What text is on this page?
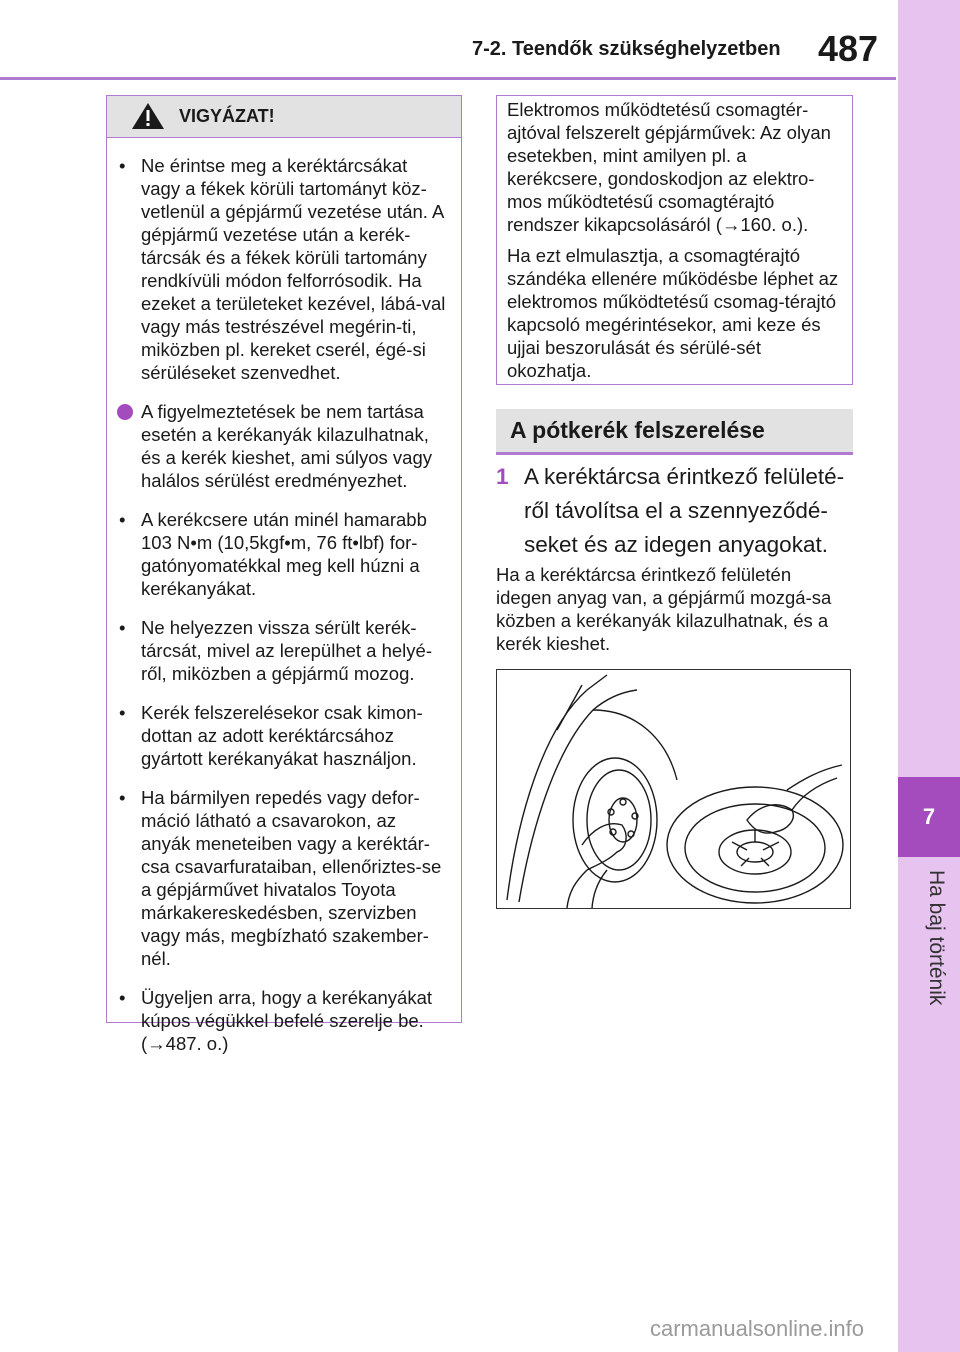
7-2. Teendők szükséghelyzetben 487
7
Ha baj történik
VIGYÁZAT!
• Ne érintse meg a keréktárcsákat vagy a fékek körüli tartományt köz-vetlenül a gépjármű vezetése után. A gépjármű vezetése után a kerék-tárcsák és a fékek körüli tartomány rendkívüli módon felforrósodik. Ha ezeket a területeket kezével, lábá-val vagy más testrészével megérin-ti, miközben pl. kereket cserél, égé-si sérüléseket szenvedhet.
A figyelmeztetések be nem tartása esetén a kerékanyák kilazulhatnak, és a kerék kieshet, ami súlyos vagy halálos sérülést eredményezhet.
• A kerékcsere után minél hamarabb 103 N•m (10,5kgf•m, 76 ft•lbf) for-gatónyomatékkal meg kell húzni a kerékanyákat.
• Ne helyezzen vissza sérült kerék-tárcsát, mivel az lerepülhet a helyé-ről, miközben a gépjármű mozog.
• Kerék felszerelésekor csak kimon-dottan az adott keréktárcsához gyártott kerékanyákat használjon.
• Ha bármilyen repedés vagy defor-máció látható a csavarokon, az anyák meneteiben vagy a keréktár-csa csavarfurataiban, ellenőriztes-se a gépjárművet hivatalos Toyota márkakereskedésben, szervizben vagy más, megbízható szakember-nél.
• Ügyeljen arra, hogy a kerékanyákat kúpos végükkel befelé szerelje be. (→487. o.)

Elektromos működtetésű csomagtér-ajtóval felszerelt gépjárművek: Az olyan esetekben, mint amilyen pl. a kerékcsere, gondoskodjon az elektro-mos működtetésű csomagtérajtó rendszer kikapcsolásáról (→160. o.).

Ha ezt elmulasztja, a csomagtérajtó szándéka ellenére működésbe léphet az elektromos működtetésű csomag-térajtó kapcsoló megérintésekor, ami keze és ujjai beszorulását és sérülé-sét okozhatja.

A pótkerék felszerelése
1 A keréktárcsa érintkező felületé-ről távolítsa el a szennyeződé-seket és az idegen anyagokat.
Ha a keréktárcsa érintkező felületén idegen anyag van, a gépjármű mozgá-sa közben a kerékanyák kilazulhatnak, és a kerék kieshet.
carmanualsonline.info
